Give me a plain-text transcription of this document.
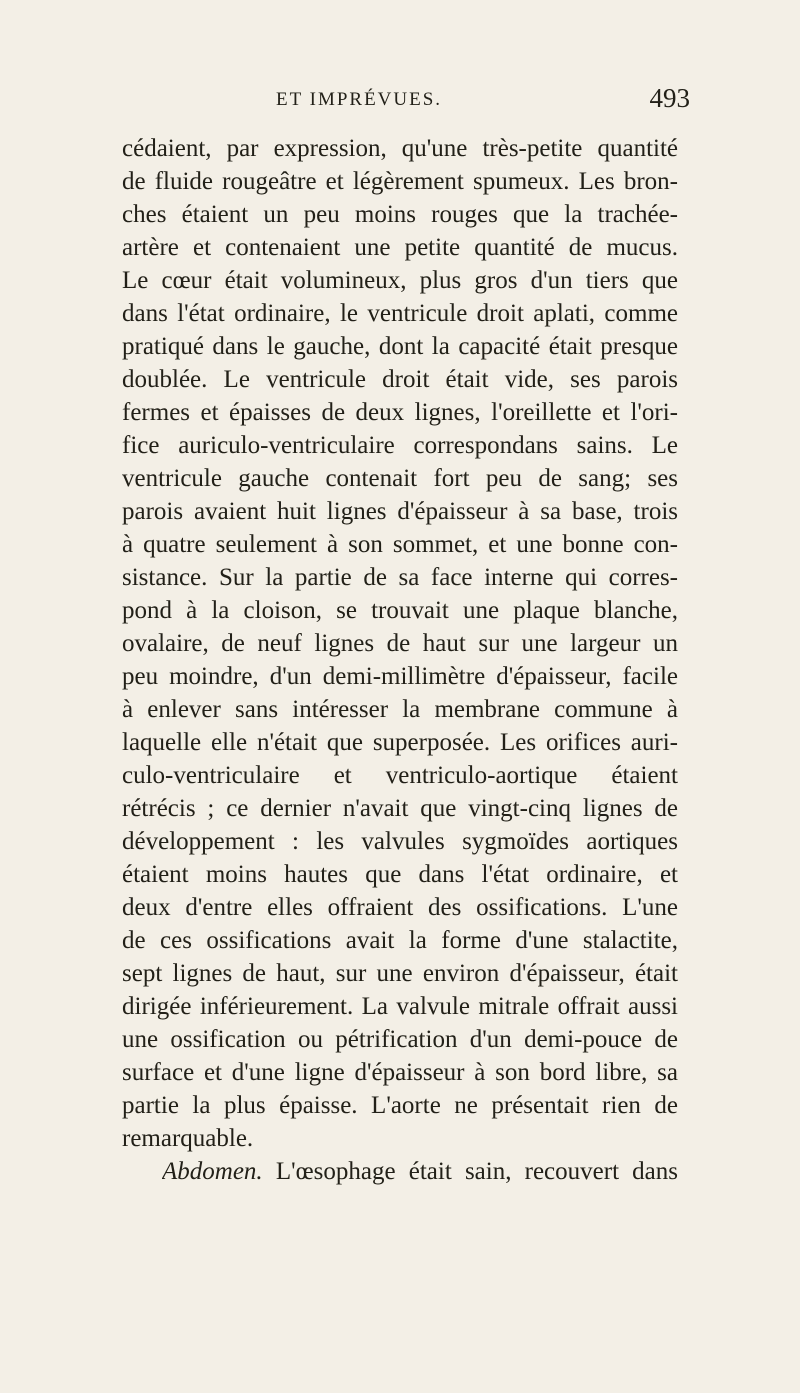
ET IMPRÉVUES.	493
cédaient, par expression, qu'une très-petite quantité
de fluide rougeâtre et légèrement spumeux. Les bron-
ches étaient un peu moins rouges que la trachée-
artère et contenaient une petite quantité de mucus.
Le cœur était volumineux, plus gros d'un tiers que
dans l'état ordinaire, le ventricule droit aplati, comme
pratiqué dans le gauche, dont la capacité était presque
doublée. Le ventricule droit était vide, ses parois
fermes et épaisses de deux lignes, l'oreillette et l'ori-
fice auriculo-ventriculaire correspondans sains. Le
ventricule gauche contenait fort peu de sang; ses
parois avaient huit lignes d'épaisseur à sa base, trois
à quatre seulement à son sommet, et une bonne con-
sistance. Sur la partie de sa face interne qui corres-
pond à la cloison, se trouvait une plaque blanche,
ovalaire, de neuf lignes de haut sur une largeur un
peu moindre, d'un demi-millimètre d'épaisseur, facile
à enlever sans intéresser la membrane commune à
laquelle elle n'était que superposée. Les orifices auri-
culo-ventriculaire et ventriculo-aortique étaient
rétrécis ; ce dernier n'avait que vingt-cinq lignes de
développement : les valvules sygmoïdes aortiques
étaient moins hautes que dans l'état ordinaire, et
deux d'entre elles offraient des ossifications. L'une
de ces ossifications avait la forme d'une stalactite,
sept lignes de haut, sur une environ d'épaisseur, était
dirigée inférieurement. La valvule mitrale offrait aussi
une ossification ou pétrification d'un demi-pouce de
surface et d'une ligne d'épaisseur à son bord libre, sa
partie la plus épaisse. L'aorte ne présentait rien de
remarquable.
Abdomen. L'œsophage était sain, recouvert dans
